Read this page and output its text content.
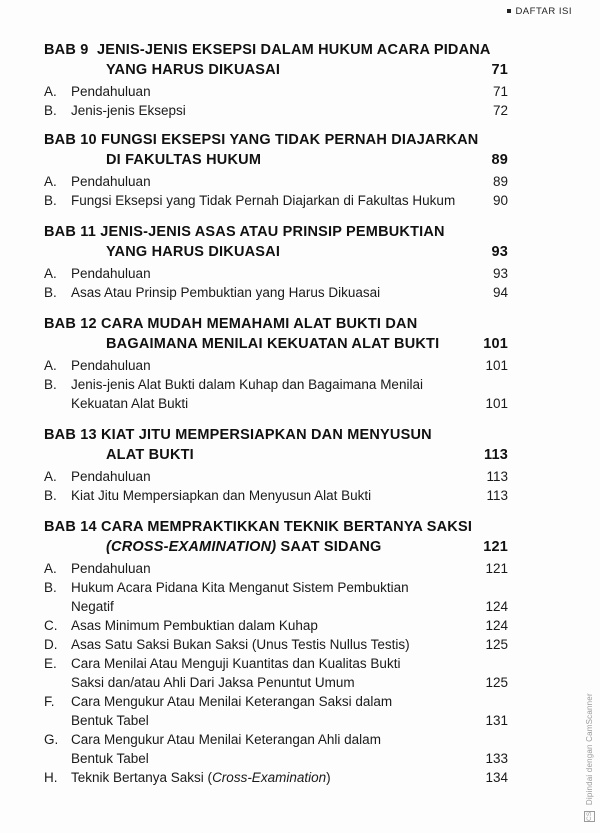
DAFTAR ISI
BAB 9 JENIS-JENIS EKSEPSI DALAM HUKUM ACARA PIDANA
YANG HARUS DIKUASAI	71
A.	Pendahuluan	71
B.	Jenis-jenis Eksepsi	72
BAB 10 FUNGSI EKSEPSI YANG TIDAK PERNAH DIAJARKAN
DI FAKULTAS HUKUM	89
A.	Pendahuluan	89
B.	Fungsi Eksepsi yang Tidak Pernah Diajarkan di Fakultas Hukum	90
BAB 11 JENIS-JENIS ASAS ATAU PRINSIP PEMBUKTIAN
YANG HARUS DIKUASAI	93
A.	Pendahuluan	93
B.	Asas Atau Prinsip Pembuktian yang Harus Dikuasai	94
BAB 12 CARA MUDAH MEMAHAMI ALAT BUKTI DAN
BAGAIMANA MENILAI KEKUATAN ALAT BUKTI	101
A.	Pendahuluan	101
B.	Jenis-jenis Alat Bukti dalam Kuhap dan Bagaimana Menilai Kekuatan Alat Bukti	101
BAB 13 KIAT JITU MEMPERSIAPKAN DAN MENYUSUN
ALAT BUKTI	113
A.	Pendahuluan	113
B.	Kiat Jitu Mempersiapkan dan Menyusun Alat Bukti	113
BAB 14 CARA MEMPRAKTIKKAN TEKNIK BERTANYA SAKSI
(CROSS-EXAMINATION) SAAT SIDANG	121
A.	Pendahuluan	121
B.	Hukum Acara Pidana Kita Menganut Sistem Pembuktian Negatif	124
C.	Asas Minimum Pembuktian dalam Kuhap	124
D.	Asas Satu Saksi Bukan Saksi (Unus Testis Nullus Testis)	125
E.	Cara Menilai Atau Menguji Kuantitas dan Kualitas Bukti Saksi dan/atau Ahli Dari Jaksa Penuntut Umum	125
F.	Cara Mengukur Atau Menilai Keterangan Saksi dalam Bentuk Tabel	131
G. Cara Mengukur Atau Menilai Keterangan Ahli dalam Bentuk Tabel	133
H.	Teknik Bertanya Saksi (Cross-Examination)	134
CS Dipindai dengan CamScanner
